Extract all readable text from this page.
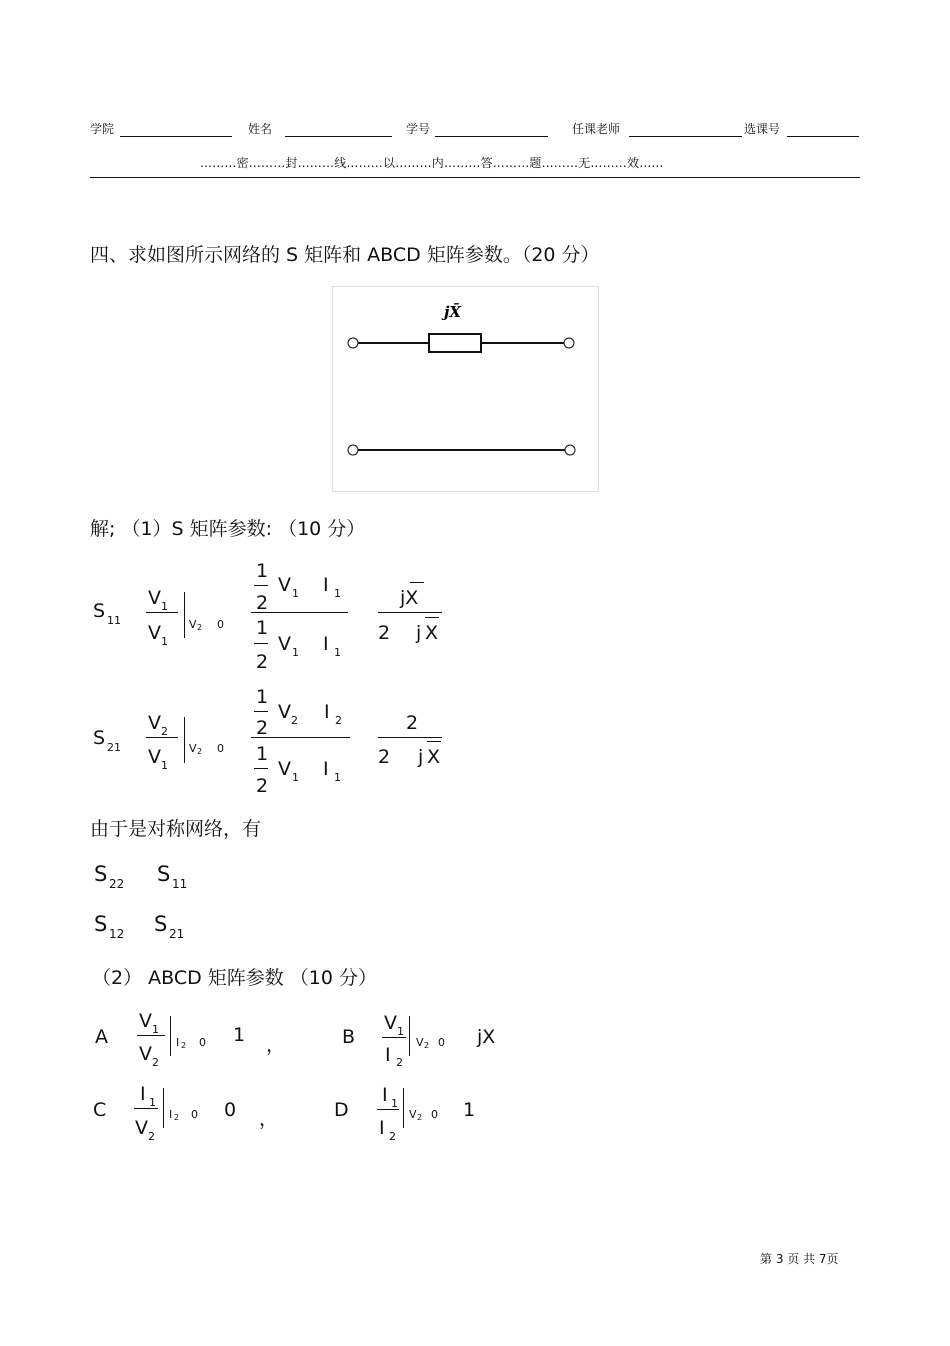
学院	姓名	学号	任课老师	选课号
………密………封………线………以………内………答………题………无………效……
四、求如图所示网络的 S 矩阵和 ABCD 矩阵参数。（20 分）
jX̄
解; （1）S 矩阵参数: （10 分）
S 11
V 1
V 1
V 2 0
1
2
V 1 I 1
1
2
V 1 I 1
jX
2 j X
S 21
V 2
V 1
V 2 0
1
2
V 2 I 2
1
2
V 1 I 1
2
2 j X
由于是对称网络，有
S 22 S 11
S 12 S 21
（2） ABCD 矩阵参数 （10 分）
A
V 1
V 2
I 2 0 1 ，	B
V 1
I 2
V 2 0 jX
C
I 1
V 2
I 2 0 0 ，	D
I 1
I 2
V 2 0 1
第 3 页 共 7页
